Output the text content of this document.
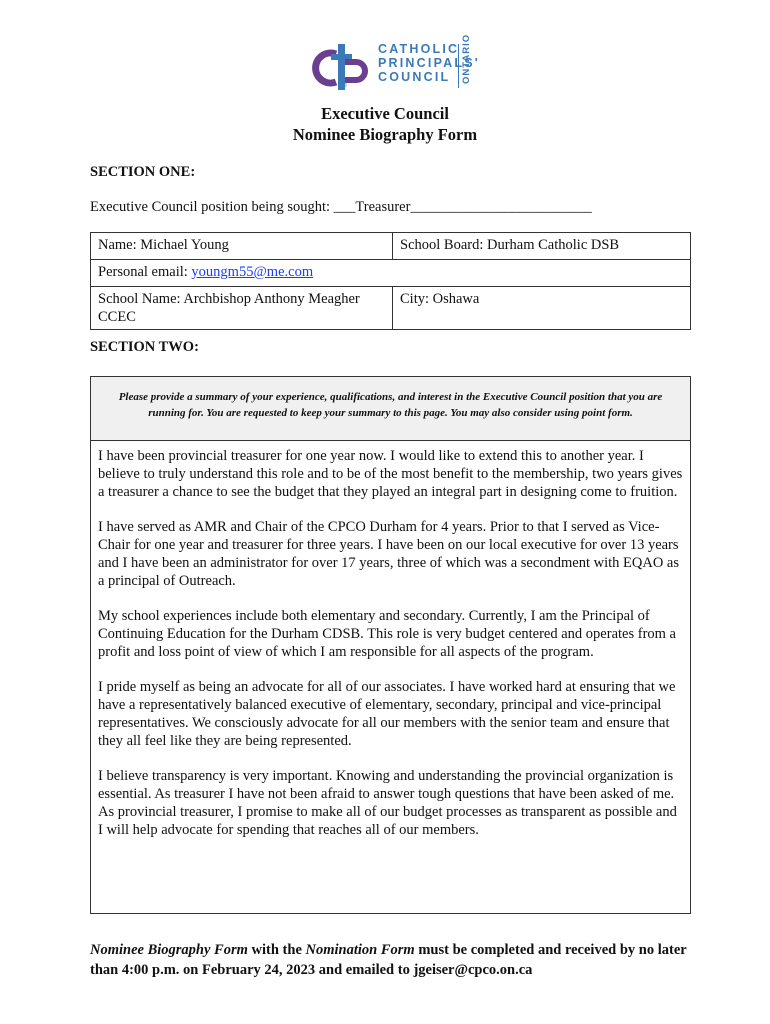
®
CATHOLIC
PRINCIPALS'
COUNCIL	ONTARIO
Executive Council
Nominee Biography Form
SECTION ONE:
Executive Council position being sought: ___Treasurer_________________________
Name: Michael Young	School Board: Durham Catholic DSB
Personal email: youngm55@me.com	
School Name: Archbishop Anthony Meagher CCEC	City: Oshawa
SECTION TWO:
Please provide a summary of your experience, qualifications, and interest in the Executive Council position that you are running for. You are requested to keep your summary to this page. You may also consider using point form.

I have been provincial treasurer for one year now. I would like to extend this to another year. I believe to truly understand this role and to be of the most benefit to the membership, two years gives a treasurer a chance to see the budget that they played an integral part in designing come to fruition.

I have served as AMR and Chair of the CPCO Durham for 4 years. Prior to that I served as Vice-Chair for one year and treasurer for three years. I have been on our local executive for over 13 years and I have been an administrator for over 17 years, three of which was a secondment with EQAO as a principal of Outreach.

My school experiences include both elementary and secondary. Currently, I am the Principal of Continuing Education for the Durham CDSB. This role is very budget centered and operates from a profit and loss point of view of which I am responsible for all aspects of the program.

I pride myself as being an advocate for all of our associates. I have worked hard at ensuring that we have a representatively balanced executive of elementary, secondary, principal and vice-principal representatives. We consciously advocate for all our members with the senior team and ensure that they all feel like they are being represented.

I believe transparency is very important. Knowing and understanding the provincial organization is essential. As treasurer I have not been afraid to answer tough questions that have been asked of me. As provincial treasurer, I promise to make all of our budget processes as transparent as possible and I will help advocate for spending that reaches all of our members.

Nominee Biography Form with the Nomination Form must be completed and received by no later than 4:00 p.m. on February 24, 2023 and emailed to jgeiser@cpco.on.ca
